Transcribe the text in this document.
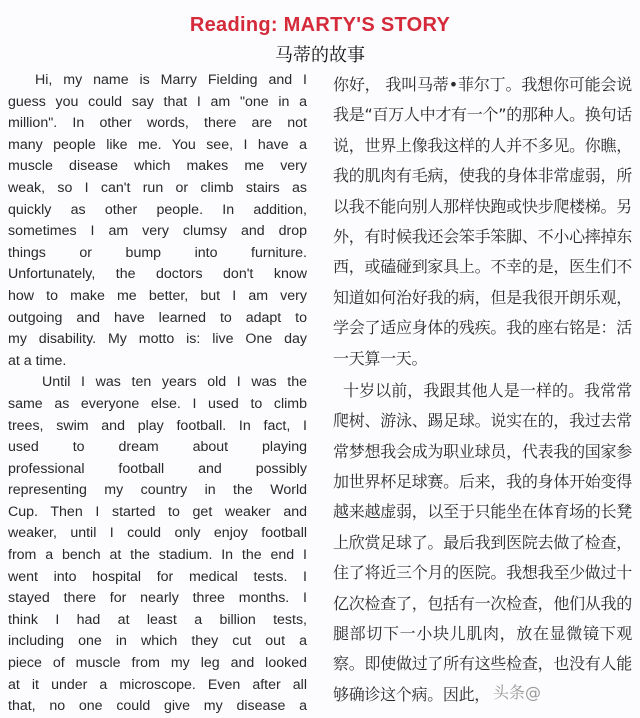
Reading: MARTY'S STORY
马蒂的故事
Hi, my name is Marry Fielding and I
guess you could say that I am "one in a
million". In other words, there are not
many people like me. You see, I have a
muscle disease which makes me very
weak, so I can't run or climb stairs as
quickly as other people. In addition,
sometimes I am very clumsy and drop
things or bump into furniture.
Unfortunately, the doctors don't know
how to make me better, but I am very
outgoing and have learned to adapt to
my disability. My motto is: live One day
at a time.
Until I was ten years old I was the
same as everyone else. I used to climb
trees, swim and play football. In fact, I
used to dream about playing
professional football and possibly
representing my country in the World
Cup. Then I started to get weaker and
weaker, until I could only enjoy football
from a bench at the stadium. In the end I
went into hospital for medical tests. I
stayed there for nearly three months. I
think I had at least a billion tests,
including one in which they cut out a
piece of muscle from my leg and looked
at it under a microscope. Even after all
that, no one could give my disease a
你好， 我叫马蒂•菲尔丁。我想你可能会说
我是“百万人中才有一个”的那种人。换句话
说，世界上像我这样的人并不多见。你瞧，
我的肌肉有毛病，使我的身体非常虚弱，所
以我不能向别人那样快跑或快步爬楼梯。另
外，有时候我还会笨手笨脚、不小心摔掉东
西，或磕碰到家具上。不幸的是，医生们不
知道如何治好我的病，但是我很开朗乐观，
学会了适应身体的残疾。我的座右铭是：活
一天算一天。
十岁以前，我跟其他人是一样的。我常常
爬树、游泳、踢足球。说实在的，我过去常
常梦想我会成为职业球员，代表我的国家参
加世界杯足球赛。后来，我的身体开始变得
越来越虚弱，以至于只能坐在体育场的长凳
上欣赏足球了。最后我到医院去做了检查，
住了将近三个月的医院。我想我至少做过十
亿次检查了，包括有一次检查，他们从我的
腿部切下一小块儿肌肉，放在显微镜下观
察。即使做过了所有这些检查，也没有人能
够确诊这个病。因此， 头条@
